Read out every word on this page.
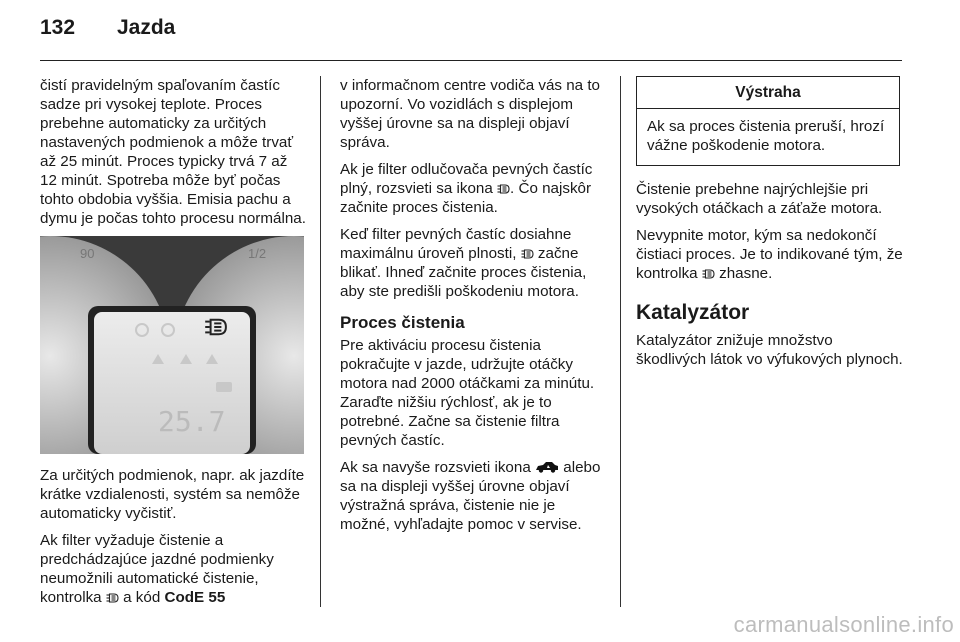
132	Jazda

čistí pravidelným spaľovaním častíc sadze pri vysokej teplote. Proces prebehne automaticky za určitých nastavených podmienok a môže trvať až 25 minút. Proces typicky trvá 7 až 12 minút. Spotreba môže byť počas tohto obdobia vyššia. Emisia pachu a dymu je počas tohto procesu normálna.

90	1/2
25.7

Za určitých podmienok, napr. ak jazdíte krátke vzdialenosti, systém sa nemôže automaticky vyčistiť.

Ak filter vyžaduje čistenie a predchádzajúce jazdné podmienky neumožnili automatické čistenie, kontrolka a kód CodE 55

v informačnom centre vodiča vás na to upozorní. Vo vozidlách s displejom vyššej úrovne sa na displeji objaví správa.

Ak je filter odlučovača pevných častíc plný, rozsvieti sa ikona . Čo najskôr začnite proces čistenia.

Keď filter pevných častíc dosiahne maximálnu úroveň plnosti, začne blikať. Ihneď začnite proces čistenia, aby ste predišli poškodeniu motora.

Proces čistenia

Pre aktiváciu procesu čistenia pokračujte v jazde, udržujte otáčky motora nad 2000 otáčkami za minútu. Zaraďte nižšiu rýchlosť, ak je to potrebné. Začne sa čistenie filtra pevných častíc.

Ak sa navyše rozsvieti ikona alebo sa na displeji vyššej úrovne objaví výstražná správa, čistenie nie je možné, vyhľadajte pomoc v servise.

Výstraha
Ak sa proces čistenia preruší, hrozí vážne poškodenie motora.

Čistenie prebehne najrýchlejšie pri vysokých otáčkach a záťaže motora.

Nevypnite motor, kým sa nedokončí čistiaci proces. Je to indikované tým, že kontrolka zhasne.

Katalyzátor

Katalyzátor znižuje množstvo škodlivých látok vo výfukových plynoch.

carmanualsonline.info
